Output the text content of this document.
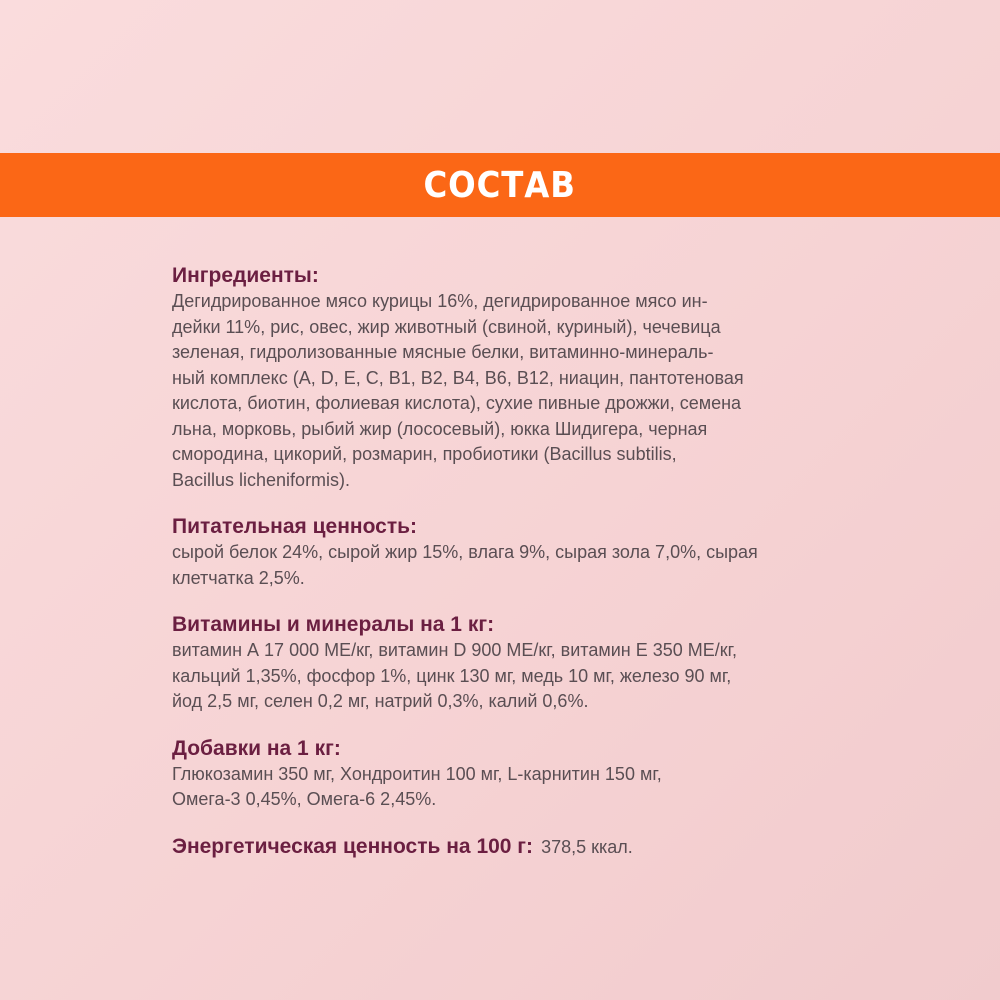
СОСТАВ
Ингредиенты:
Дегидрированное мясо курицы 16%, дегидрированное мясо ин-
дейки 11%, рис, овес, жир животный (свиной, куриный), чечевица
зеленая, гидролизованные мясные белки, витаминно-минераль-
ный комплекс (А, D, E, C, B1, B2, B4, B6, B12, ниацин, пантотеновая
кислота, биотин, фолиевая кислота), сухие пивные дрожжи, семена
льна, морковь, рыбий жир (лососевый), юкка Шидигера, черная
смородина, цикорий, розмарин, пробиотики (Bacillus subtilis,
Bacillus licheniformis).
Питательная ценность:
сырой белок 24%, сырой жир 15%, влага 9%, сырая зола 7,0%, сырая
клетчатка 2,5%.
Витамины и минералы на 1 кг:
витамин А 17 000 МЕ/кг, витамин D 900 МЕ/кг, витамин Е 350 МЕ/кг,
кальций 1,35%, фосфор 1%, цинк 130 мг, медь 10 мг, железо 90 мг,
йод 2,5 мг, селен 0,2 мг, натрий 0,3%, калий 0,6%.
Добавки на 1 кг:
Глюкозамин 350 мг, Хондроитин 100 мг, L-карнитин 150 мг,
Омега-3 0,45%, Омега-6 2,45%.
Энергетическая ценность на 100 г: 378,5 ккал.
